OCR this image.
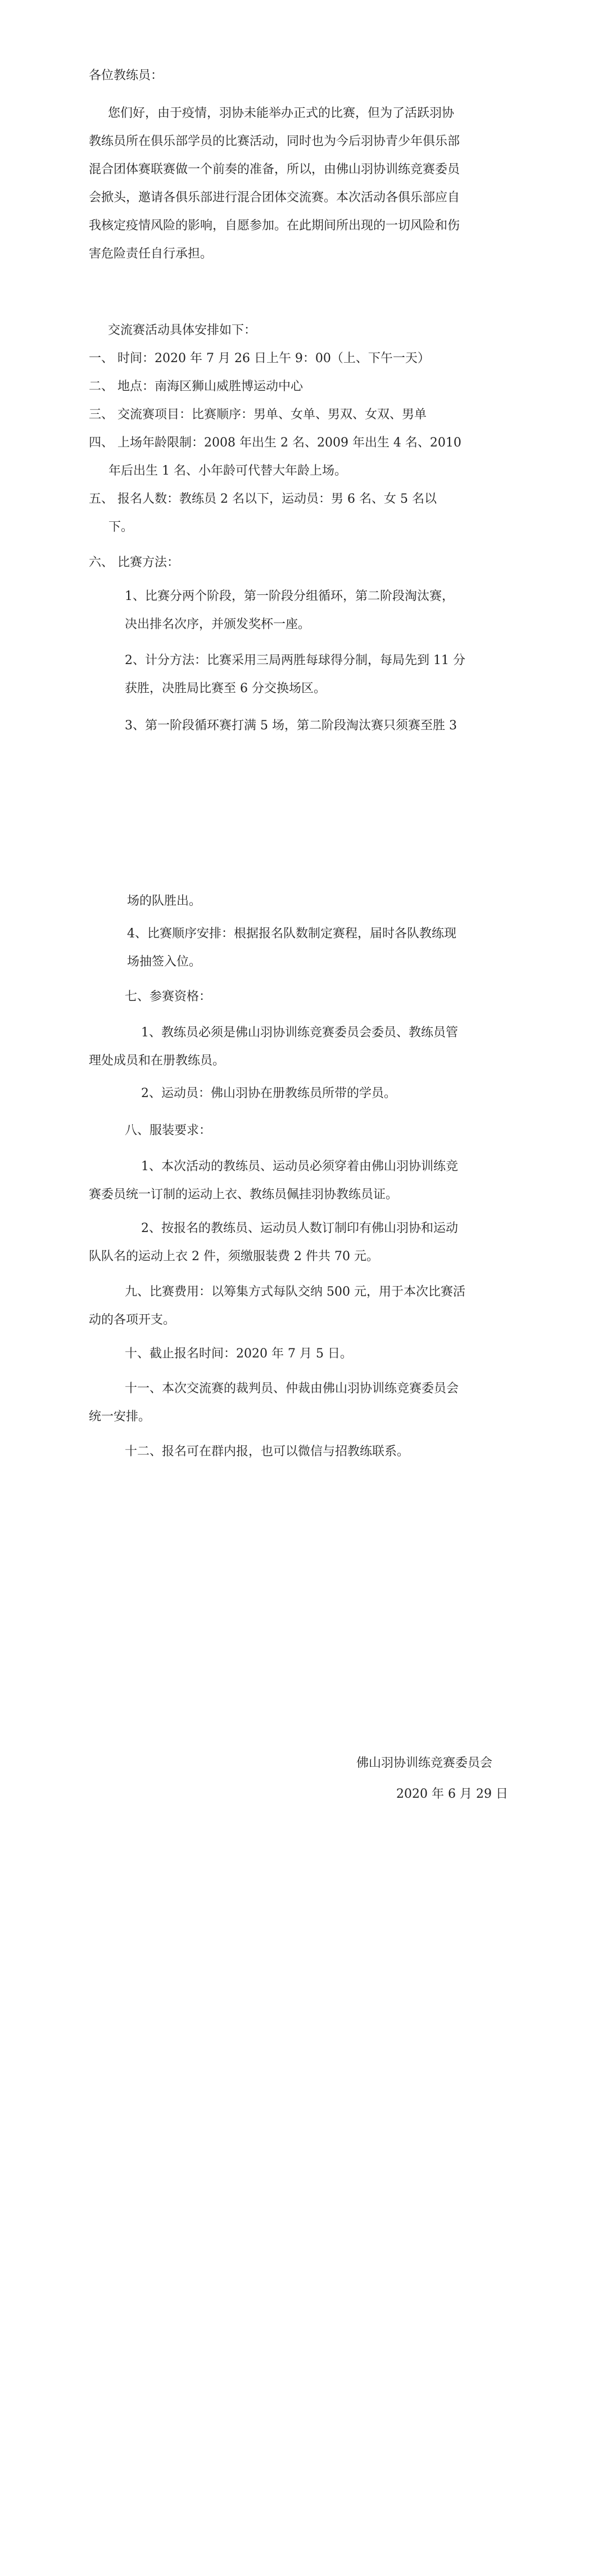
各位教练员：
您们好，由于疫情，羽协未能举办正式的比赛，但为了活跃羽协
教练员所在俱乐部学员的比赛活动，同时也为今后羽协青少年俱乐部
混合团体赛联赛做一个前奏的准备，所以，由佛山羽协训练竞赛委员
会掀头，邀请各俱乐部进行混合团体交流赛。本次活动各俱乐部应自
我核定疫情风险的影响，自愿参加。在此期间所出现的一切风险和伤
害危险责任自行承担。
交流赛活动具体安排如下：
一、 时间：2020 年 7 月 26 日上午 9：00（上、下午一天）
二、 地点：南海区狮山威胜博运动中心
三、 交流赛项目：比赛顺序：男单、女单、男双、女双、男单
四、 上场年龄限制：2008 年出生 2 名、2009 年出生 4 名、2010
年后出生 1 名、小年龄可代替大年龄上场。
五、 报名人数：教练员 2 名以下，运动员：男 6 名、女 5 名以
下。
六、 比赛方法：
1、比赛分两个阶段，第一阶段分组循环，第二阶段淘汰赛，
决出排名次序，并颁发奖杯一座。
2、计分方法：比赛采用三局两胜每球得分制，每局先到 11 分
获胜，决胜局比赛至 6 分交换场区。
3、第一阶段循环赛打满 5 场，第二阶段淘汰赛只须赛至胜 3
场的队胜出。
4、比赛顺序安排：根据报名队数制定赛程，届时各队教练现
场抽签入位。
七、参赛资格：
1、教练员必须是佛山羽协训练竞赛委员会委员、教练员管
理处成员和在册教练员。
2、运动员：佛山羽协在册教练员所带的学员。
八、服装要求：
1、本次活动的教练员、运动员必须穿着由佛山羽协训练竞
赛委员统一订制的运动上衣、教练员佩挂羽协教练员证。
2、按报名的教练员、运动员人数订制印有佛山羽协和运动
队队名的运动上衣 2 件，须缴服装费 2 件共 70 元。
九、比赛费用：以筹集方式每队交纳 500 元，用于本次比赛活
动的各项开支。
十、截止报名时间：2020 年 7 月 5 日。
十一、本次交流赛的裁判员、仲裁由佛山羽协训练竞赛委员会
统一安排。
十二、报名可在群内报，也可以微信与招教练联系。
佛山羽协训练竞赛委员会
2020 年 6 月 29 日
